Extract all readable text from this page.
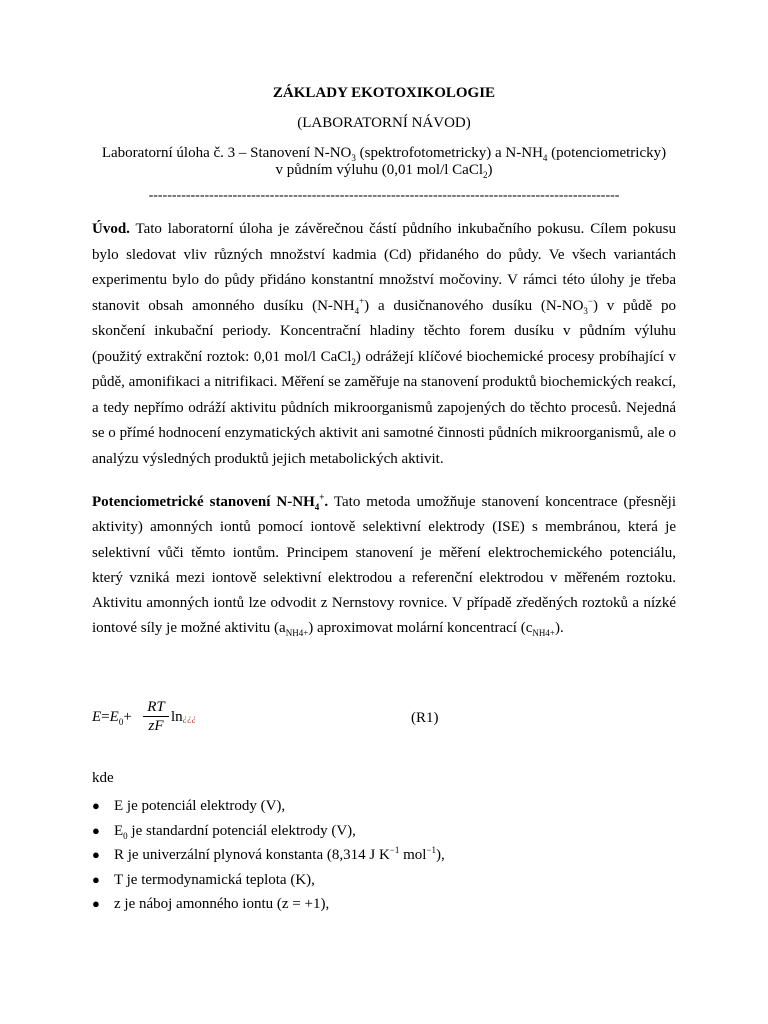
ZÁKLADY EKOTOXIKOLOGIE
(LABORATORNÍ NÁVOD)
Laboratorní úloha č. 3 – Stanovení $N-NO_3$ (spektrofotometricky) a $N-NH_4$ (potenciometricky)
v půdním výluhu (0,01 mol/l CaCl$_2$)
-----------------------------------------------------------------------------------------------------
Úvod. Tato laboratorní úloha je závěrečnou částí půdního inkubačního pokusu. Cílem pokusu bylo sledovat vliv různých množství kadmia (Cd) přidaného do půdy. Ve všech variantách experimentu bylo do půdy přidáno konstantní množství močoviny. V rámci této úlohy je třeba stanovit obsah amonného dusíku $(N-NH_4^+)$ a dusičnanového dusíku $(N-NO_3^-)$ v půdě po skončení inkubační periody. Koncentrační hladiny těchto forem dusíku v půdním výluhu (použitý extrakční roztok: 0,01 mol/l CaCl$_2$) odrážejí klíčové biochemické procesy probíhající v půdě, amonifikaci a nitrifikaci. Měření se zaměřuje na stanovení produktů biochemických reakcí, a tedy nepřímo odráží aktivitu půdních mikroorganismů zapojených do těchto procesů. Nejedná se o přímé hodnocení enzymatických aktivit ani samotné činnosti půdních mikroorganismů, ale o analýzu výsledných produktů jejich metabolických aktivit.
Potenciometrické stanovení $N-NH_4^+$. Tato metoda umožňuje stanovení koncentrace (přesněji aktivity) amonných iontů pomocí iontově selektivní elektrody (ISE) s membránou, která je selektivní vůči těmto iontům. Principem stanovení je měření elektrochemického potenciálu, který vzniká mezi iontově selektivní elektrodou a referenční elektrodou v měřeném roztoku. Aktivitu amonných iontů lze odvodit z Nernstovy rovnice. V případě zředěných roztoků a nízké iontové síly je možné aktivitu $(a_{NH4+})$ aproximovat molární koncentrací $(c_{NH4+})$.
$E=E_0+ \frac{RT}{zF}$ ln¿¿¿	(R1)
kde
● E je potenciál elektrody (V),
● $E_0$ je standardní potenciál elektrody (V),
● R je univerzální plynová konstanta (8,314 J $K^{-1}$ mol$^{-1}$),
● T je termodynamická teplota (K),
● z je náboj amonného iontu (z = +1),
